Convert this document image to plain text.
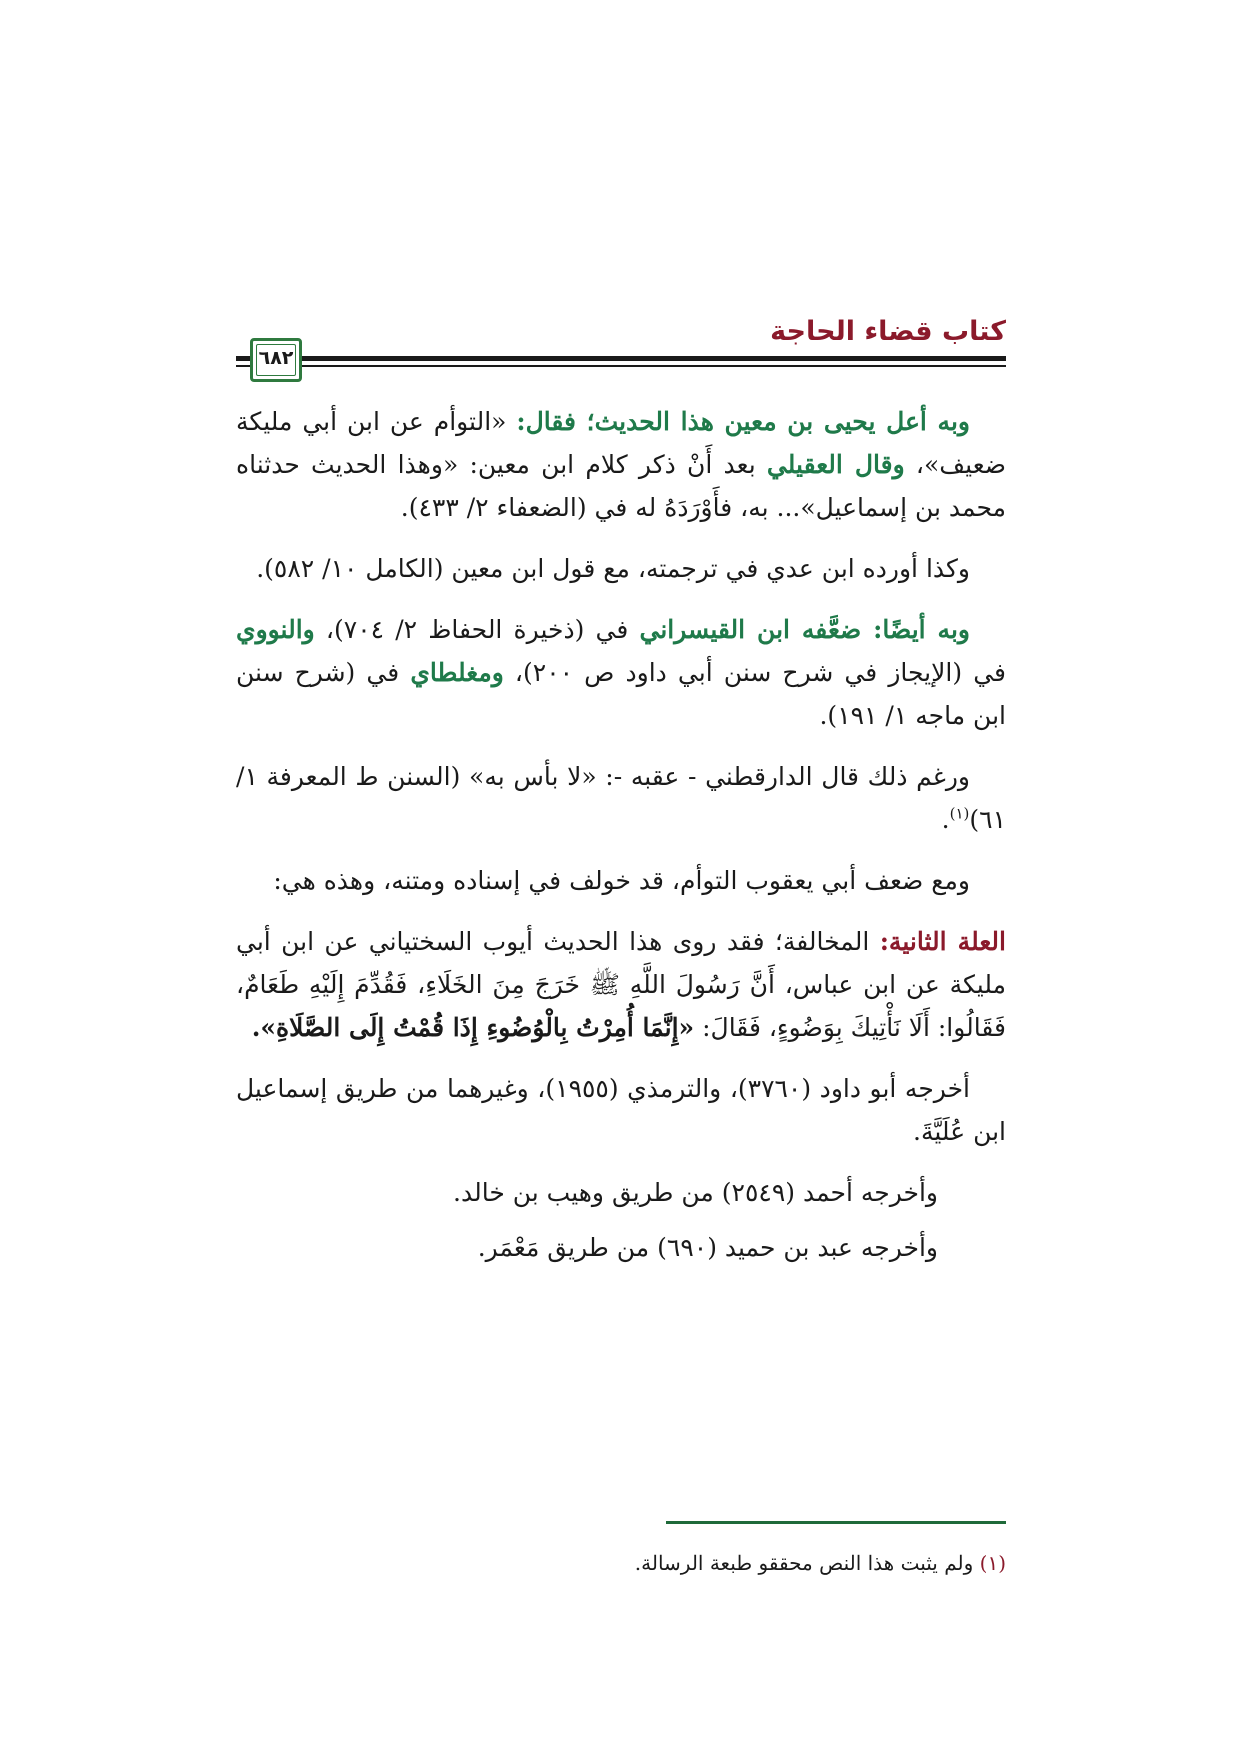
كتاب قضاء الحاجة
٦٨٢

وبه أعل يحيى بن معين هذا الحديث؛ فقال: «التوأم عن ابن أبي مليكة ضعيف»، وقال العقيلي بعد أَنْ ذكر كلام ابن معين: «وهذا الحديث حدثناه محمد بن إسماعيل»... به، فأَوْرَدَهُ له في (الضعفاء ٢/ ٤٣٣).

وكذا أورده ابن عدي في ترجمته، مع قول ابن معين (الكامل ١٠/ ٥٨٢).

وبه أيضًا: ضعَّفه ابن القيسراني في (ذخيرة الحفاظ ٢/ ٧٠٤)، والنووي في (الإيجاز في شرح سنن أبي داود ص ٢٠٠)، ومغلطاي في (شرح سنن ابن ماجه ١/ ١٩١).

ورغم ذلك قال الدارقطني - عقبه -: «لا بأس به» (السنن ط المعرفة ١/ ٦١)$^{(١)}$.

ومع ضعف أبي يعقوب التوأم، قد خولف في إسناده ومتنه، وهذه هي:

العلة الثانية: المخالفة؛ فقد روى هذا الحديث أيوب السختياني عن ابن أبي مليكة عن ابن عباس، أَنَّ رَسُولَ اللَّهِ ﷺ خَرَجَ مِنَ الخَلَاءِ، فَقُدِّمَ إِلَيْهِ طَعَامٌ، فَقَالُوا: أَلَا نَأْتِيكَ بِوَضُوءٍ، فَقَالَ: «إِنَّمَا أُمِرْتُ بِالْوُضُوءِ إِذَا قُمْتُ إِلَى الصَّلَاةِ».

أخرجه أبو داود (٣٧٦٠)، والترمذي (١٩٥٥)، وغيرهما من طريق إسماعيل ابن عُلَيَّةَ.

وأخرجه أحمد (٢٥٤٩) من طريق وهيب بن خالد.

وأخرجه عبد بن حميد (٦٩٠) من طريق مَعْمَر.

(١) ولم يثبت هذا النص محققو طبعة الرسالة.
